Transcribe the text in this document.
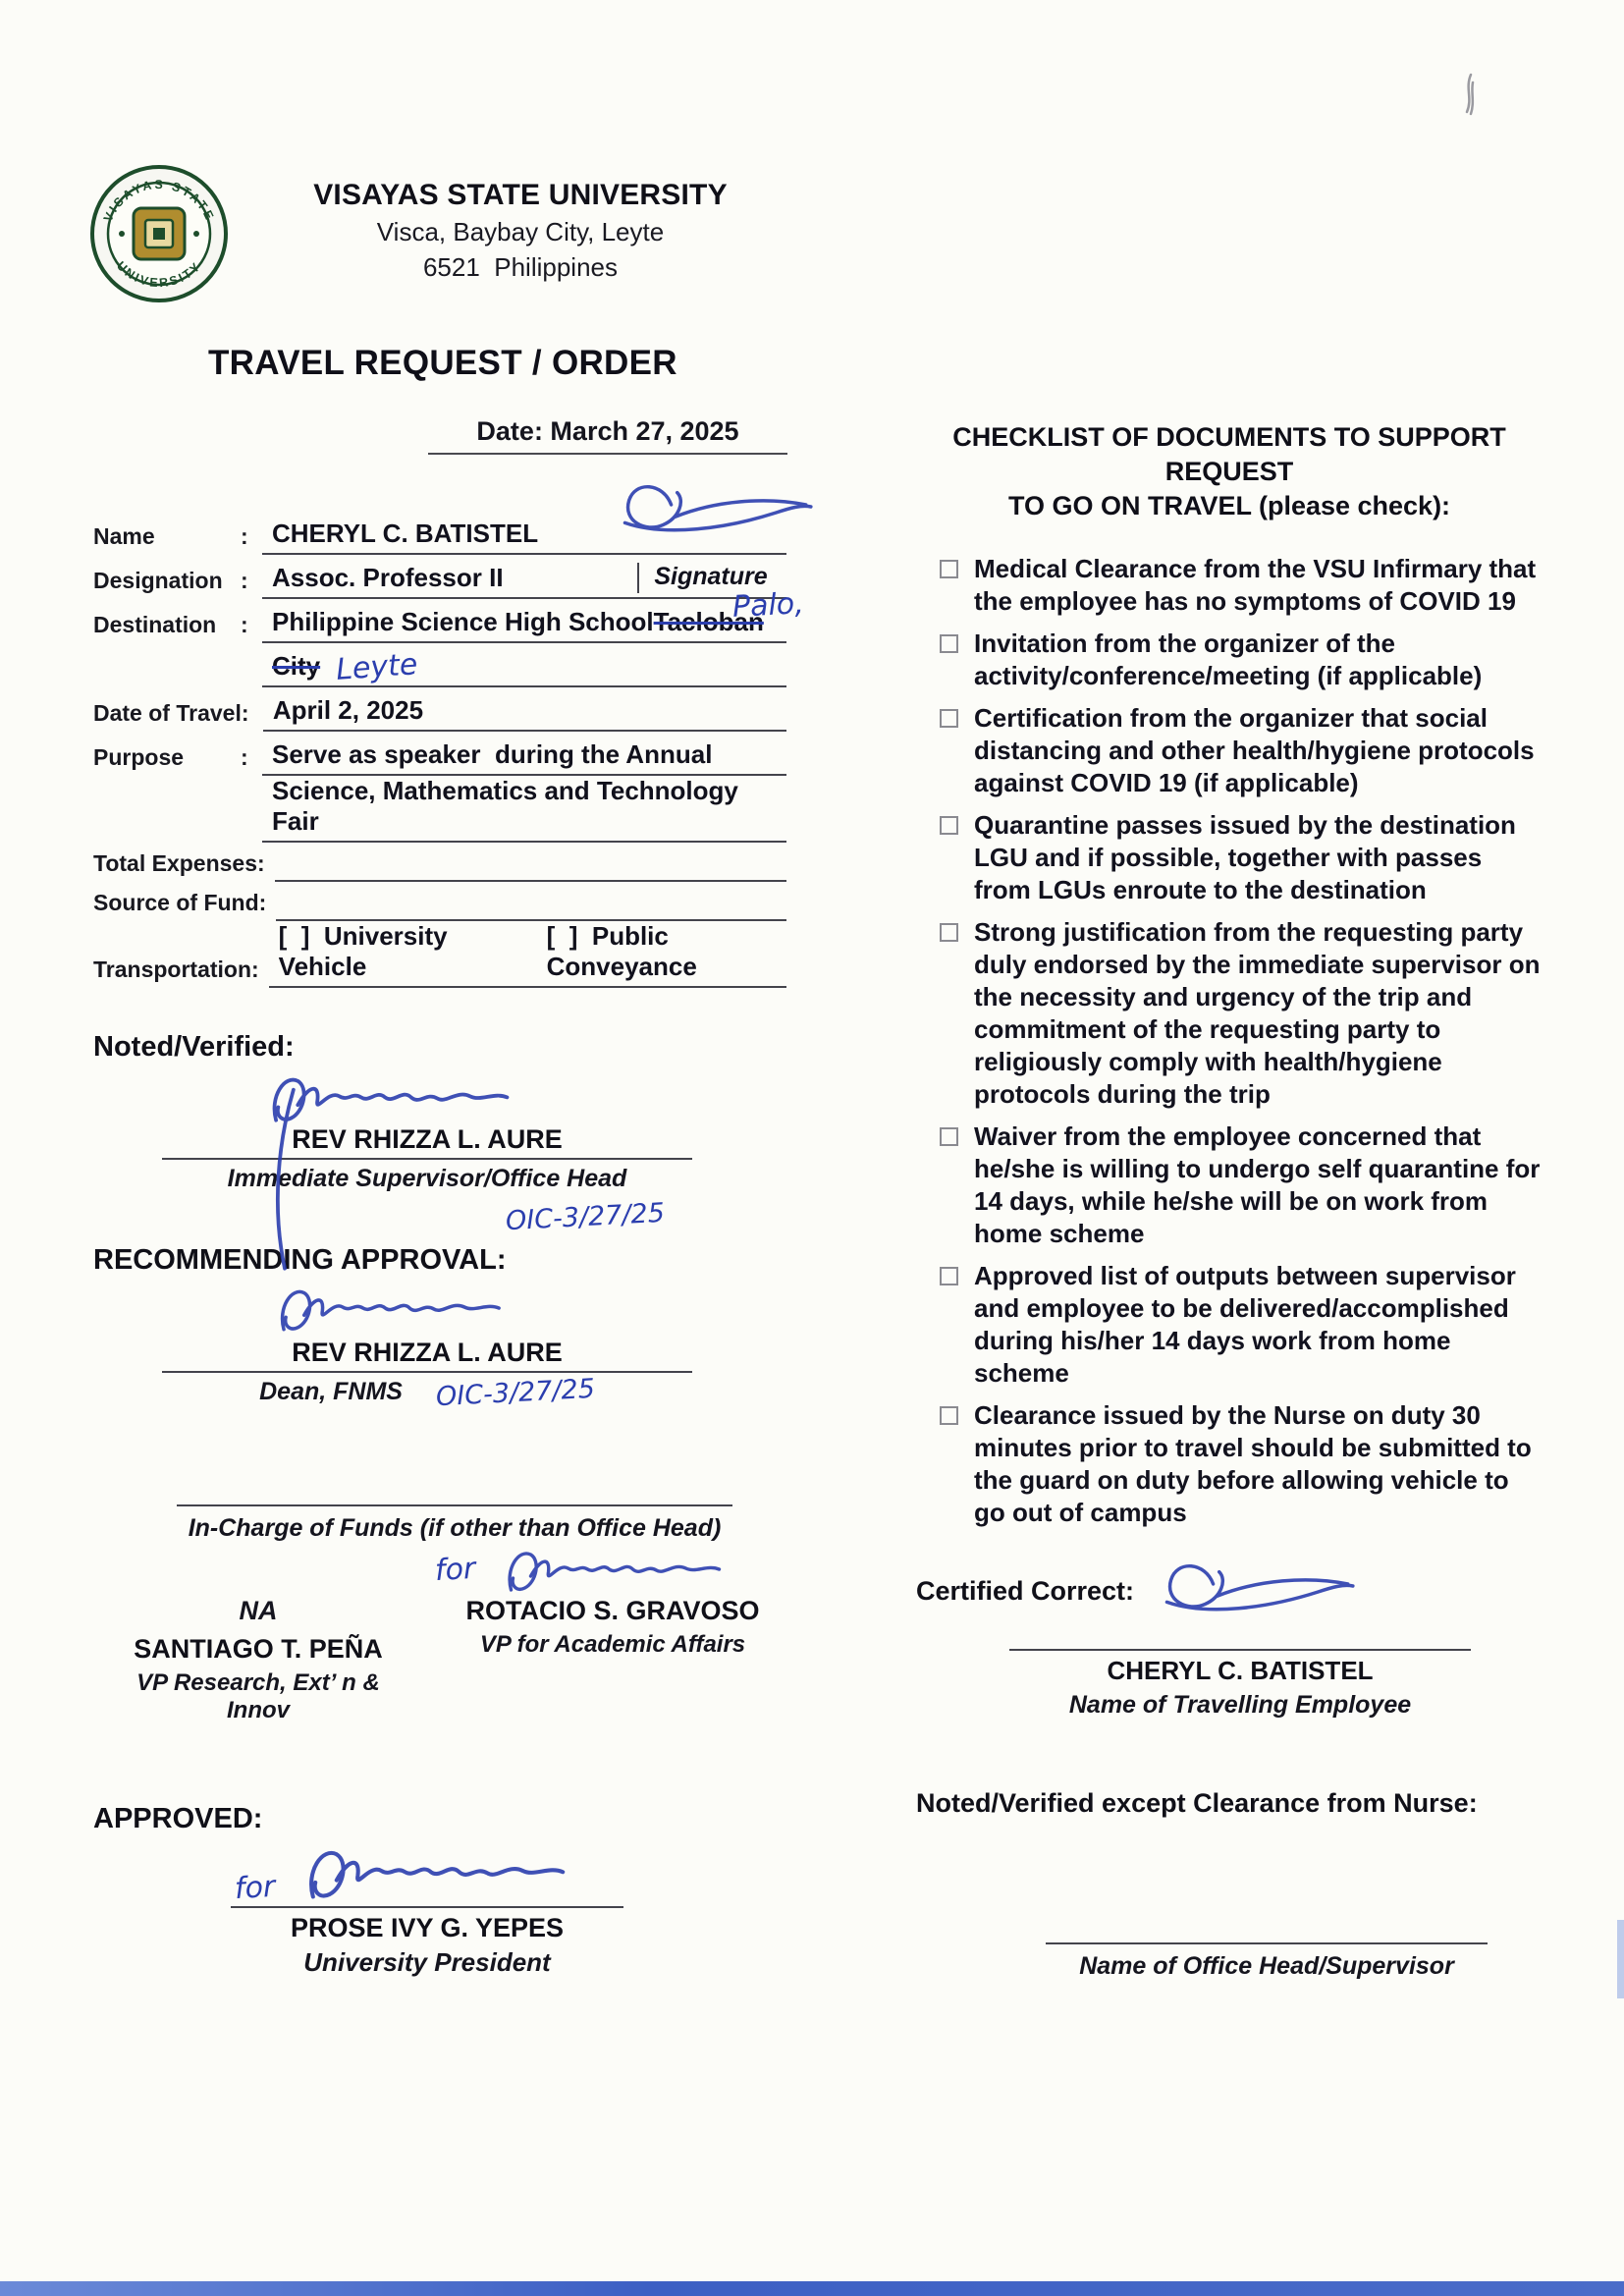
VISAYAS STATE
UNIVERSITY
VISAYAS STATE UNIVERSITY
Visca, Baybay City, Leyte
6521  Philippines
TRAVEL REQUEST / ORDER
Date: March 27, 2025
Name	: CHERYL C. BATISTEL
Designation : Assoc. Professor II	Signature
Destination	: Philippine Science High School Tacloban
Palo,
City Leyte
Date of Travel : April 2, 2025
Purpose	: Serve as speaker  during the Annual
Science, Mathematics and Technology Fair
Total Expenses:
Source of Fund:
Transportation:
[  ]  University Vehicle
[  ]  Public Conveyance
Noted/Verified:
REV RHIZZA L. AURE
Immediate Supervisor/Office Head
OIC-3/27/25
RECOMMENDING APPROVAL:
REV RHIZZA L. AURE
Dean, FNMS OIC-3/27/25
In-Charge of Funds (if other than Office Head)
NA
SANTIAGO T. PEÑA
VP Research, Ext’ n & Innov
for
ROTACIO S. GRAVOSO
VP for Academic Affairs
APPROVED:
for
PROSE IVY G. YEPES
University President
CHECKLIST OF DOCUMENTS TO SUPPORT REQUEST
TO GO ON TRAVEL (please check):
Medical Clearance from the VSU Infirmary that the employee has no symptoms of COVID 19
Invitation from the organizer of the activity/conference/meeting (if applicable)
Certification from the organizer that social distancing and other health/hygiene protocols against COVID 19 (if applicable)
Quarantine passes issued by the destination LGU and if possible, together with passes from LGUs enroute to the destination
Strong justification from the requesting party duly endorsed by the immediate supervisor on the necessity and urgency of the trip and commitment of the requesting party to religiously comply with health/hygiene protocols during the trip
Waiver from the employee concerned that he/she is willing to undergo self quarantine for 14 days, while he/she will be on work from home scheme
Approved list of outputs between supervisor and employee to be delivered/accomplished during his/her 14 days work from home scheme
Clearance issued by the Nurse on duty 30 minutes prior to travel should be submitted to the guard on duty before allowing vehicle to go out of campus
Certified Correct:
CHERYL C. BATISTEL
Name of Travelling Employee
Noted/Verified except Clearance from Nurse:
Name of Office Head/Supervisor
